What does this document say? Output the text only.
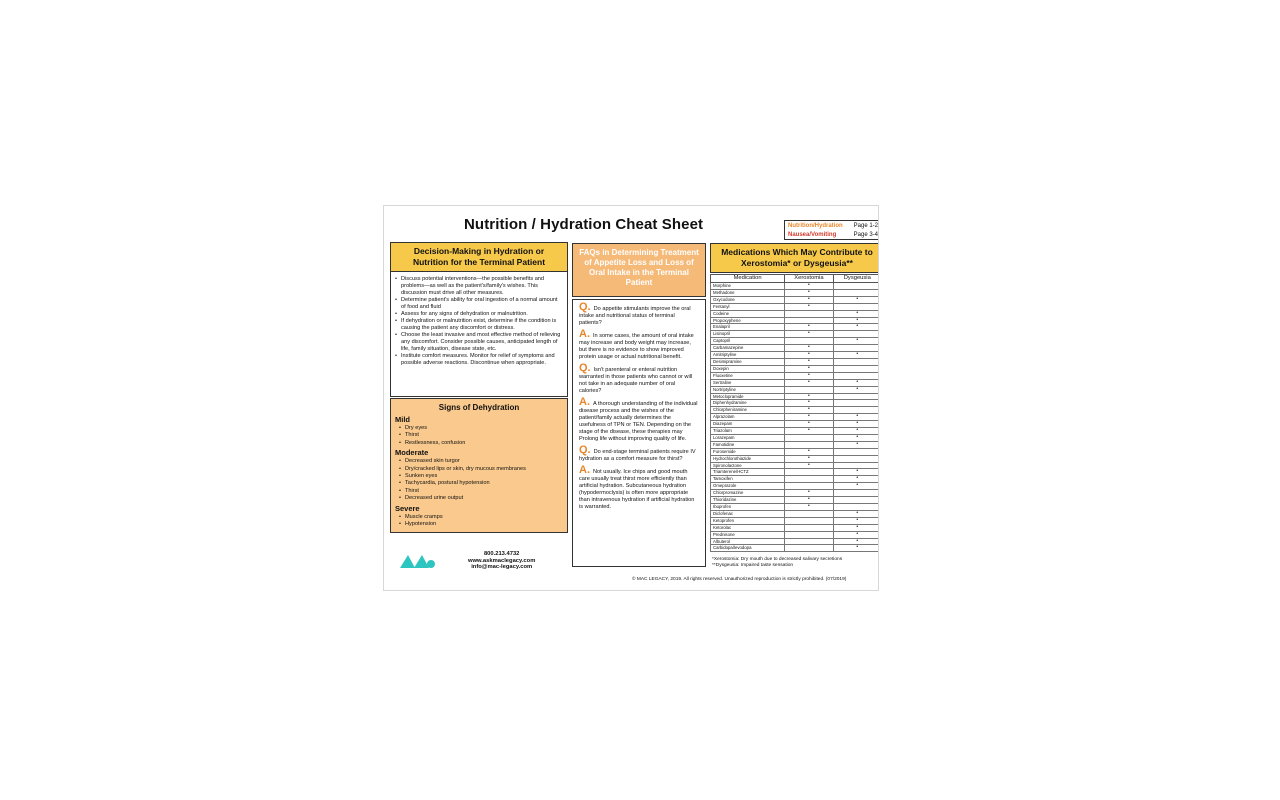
Nutrition / Hydration Cheat Sheet	Nutrition/Hydration Page 1-2
Nausea/Vomiting	Page 3-4
Decision-Making in Hydration or Nutrition for the Terminal Patient
• Discuss potential interventions—the possible benefits and problems—as well as the patient's/family's wishes. This discussion must drive all other measures.
• Determine patient's ability for oral ingestion of a normal amount of food and fluid
• Assess for any signs of dehydration or malnutrition.
• If dehydration or malnutrition exist, determine if the condition is causing the patient any discomfort or distress.
• Choose the least invasive and most effective method of relieving any discomfort. Consider possible causes, anticipated length of life, family situation, disease state, etc.
• Institute comfort measures. Monitor for relief of symptoms and possible adverse reactions. Discontinue when appropriate.
Signs of Dehydration
Mild
• Dry eyes
• Thirst
• Restlessness, confusion
Moderate
• Decreased skin turgor
• Dry/cracked lips or skin, dry mucous membranes
• Sunken eyes
• Tachycardia, postural hypotension
• Thirst
• Decreased urine output
Severe
• Muscle cramps
• Hypotension
800.213.4732
www.askmaclegacy.com
info@mac-legacy.com
FAQs in Determining Treatment of Appetite Loss and Loss of Oral Intake in the Terminal Patient

Q. Do appetite stimulants improve the oral intake and nutritional status of terminal patients?

A. In some cases, the amount of oral intake may increase and body weight may increase, but there is no evidence to show improved protein usage or actual nutritional benefit.

Q. Isn't parenteral or enteral nutrition warranted in those patients who cannot or will not take in an adequate number of oral calories?

A. A thorough understanding of the individual disease process and the wishes of the patient/family actually determines the usefulness of TPN or TEN. Depending on the stage of the disease, these therapies may Prolong life without improving quality of life.

Q. Do end-stage terminal patients require IV hydration as a comfort measure for thirst?

A. Not usually. Ice chips and good mouth care usually treat thirst more efficiently than artificial hydration. Subcutaneous hydration (hypodermoclysis) is often more appropriate than intravenous hydration if artificial hydration is warranted.

Medications Which May Contribute to Xerostomia* or Dysgeusia**
Medication	Xerostomia	Dysgeusia
Morphine	•	
Methadone	•	
Oxycodone	•	•
Fentanyl	•	
Codeine		•
Propoxyphene		•
Enalapril	•	•
Lisinopril	•	
Captopril		•
Carbamazepine	•	
Amitriptyline	•	•
Desimipramine	•	
Doxepin	•	
Fluoxetine	•	
Sertraline	•	•
Nortriptyline		•
Metoclopramide	•	
Diphenhydramine	•	
Chlorpheniramine	•	
Alprazolam	•	•
Diazepam	•	•
Triazolam	•	•
Lorazepam		•
Famotidine		•
Furosemide	•	
Hydrochlorothiazide	•	
Spironolactone	•	
Triamterene/HCTZ		•
Tamoxifen		•
Omeprazole		•
Chlorpromazine	•	
Thioridazine	•	
Ibuprofen	•	
Diclofenac		•
Ketoprofen		•
Ketorolac		•
Prednisone		•
Albuterol		•
Carbidopa/levodopa		•
*Xerostomia: Dry mouth due to decreased salivary secretions
**Dysgeusia: Impaired taste sensation
© MAC LEGACY, 2019. All rights reserved. Unauthorized reproduction is strictly prohibited. (07/2019)
